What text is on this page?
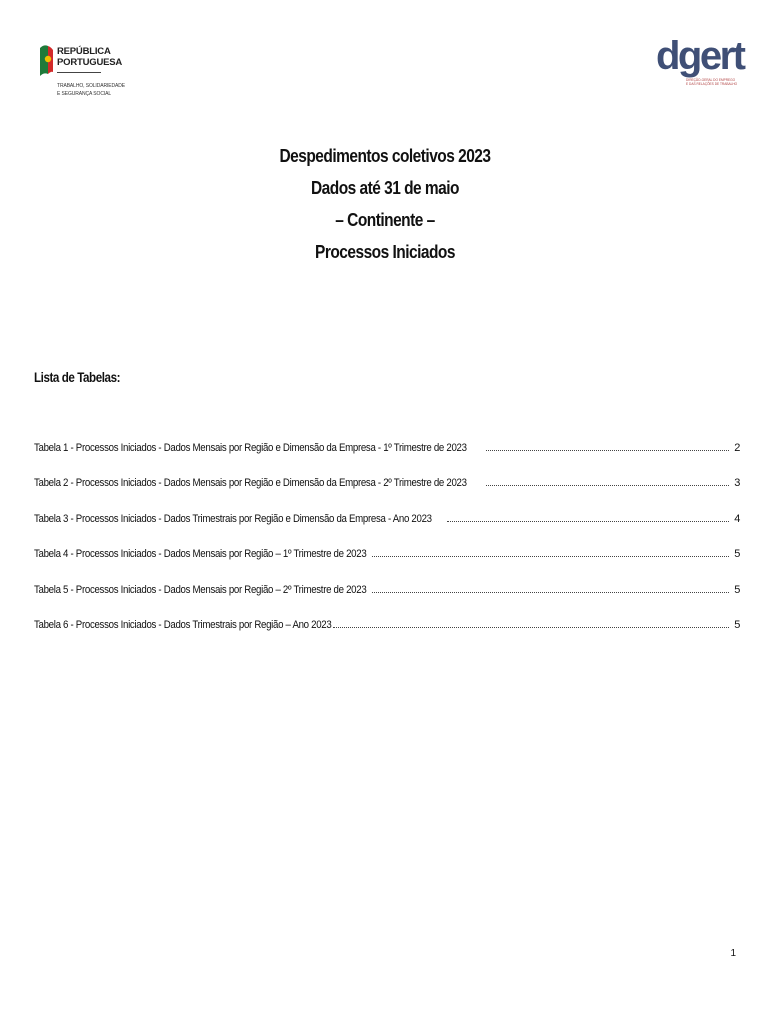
REPÚBLICA
PORTUGUESA
TRABALHO, SOLIDARIEDADE
E SEGURANÇA SOCIAL
dgert
DIREÇÃO-GERAL DO EMPREGO
E DAS RELAÇÕES DE TRABALHO
Despedimentos coletivos 2023
Dados até 31 de maio
– Continente –
Processos Iniciados
Lista de Tabelas:
Tabela 1 - Processos Iniciados - Dados Mensais por Região e Dimensão da Empresa - 1º Trimestre de 2023	2
Tabela 2 - Processos Iniciados - Dados Mensais por Região e Dimensão da Empresa - 2º Trimestre de 2023	3
Tabela 3 - Processos Iniciados - Dados Trimestrais por Região e Dimensão da Empresa - Ano 2023	4
Tabela 4 - Processos Iniciados - Dados Mensais por Região – 1º Trimestre de 2023	5
Tabela 5 - Processos Iniciados - Dados Mensais por Região – 2º Trimestre de 2023	5
Tabela 6 - Processos Iniciados - Dados Trimestrais por Região – Ano 2023	5
1
